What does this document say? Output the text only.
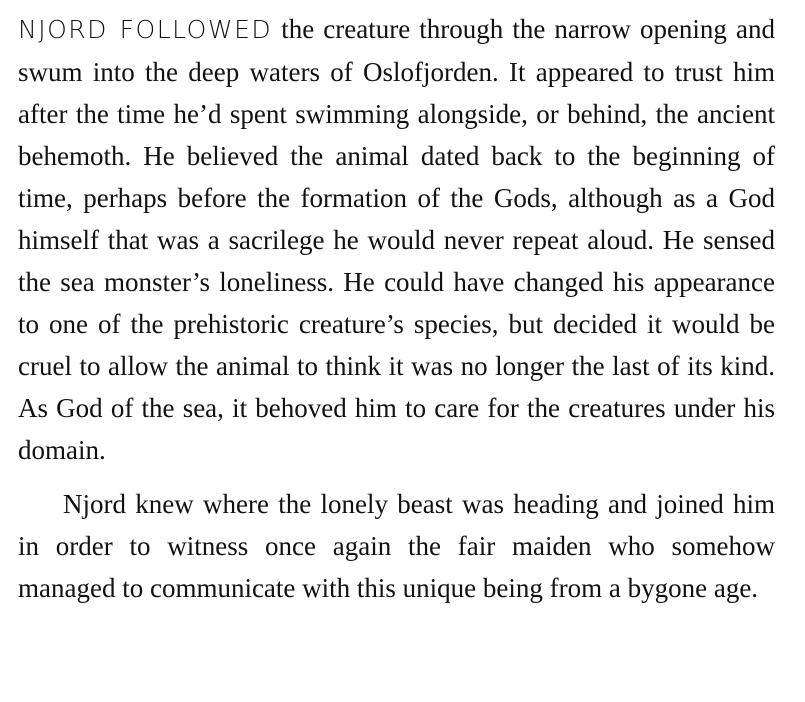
NJORD FOLLOWED the creature through the narrow opening and swum into the deep waters of Oslofjorden. It appeared to trust him after the time he’d spent swimming alongside, or behind, the ancient behemoth. He believed the animal dated back to the beginning of time, perhaps before the formation of the Gods, although as a God himself that was a sacrilege he would never repeat aloud. He sensed the sea monster’s loneliness. He could have changed his appearance to one of the prehistoric creature’s species, but decided it would be cruel to allow the animal to think it was no longer the last of its kind. As God of the sea, it behoved him to care for the creatures under his domain.

Njord knew where the lonely beast was heading and joined him in order to witness once again the fair maiden who somehow managed to communicate with this unique being from a bygone age.
